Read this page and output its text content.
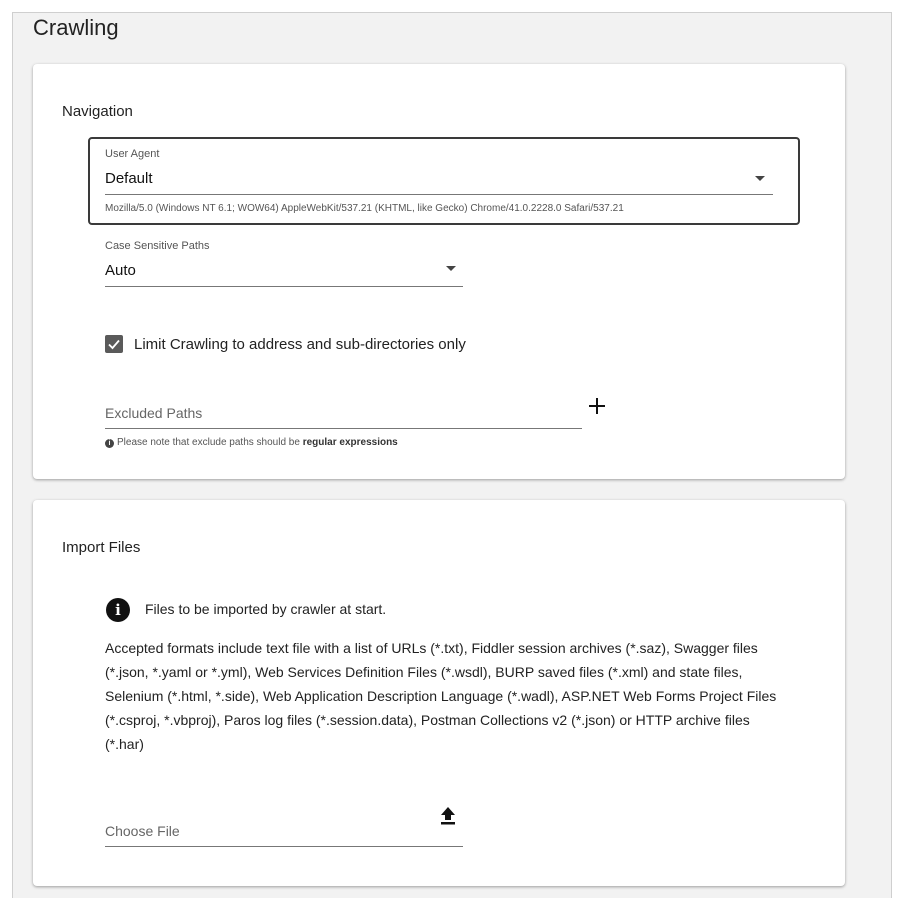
Crawling
Navigation
User Agent
Default
Mozilla/5.0 (Windows NT 6.1; WOW64) AppleWebKit/537.21 (KHTML, like Gecko) Chrome/41.0.2228.0 Safari/537.21
Case Sensitive Paths
Auto
Limit Crawling to address and sub-directories only
Excluded Paths
i Please note that exclude paths should be regular expressions
Import Files
i	Files to be imported by crawler at start.
Accepted formats include text file with a list of URLs (*.txt), Fiddler session archives (*.saz), Swagger files (*.json, *.yaml or *.yml), Web Services Definition Files (*.wsdl), BURP saved files (*.xml) and state files, Selenium (*.html, *.side), Web Application Description Language (*.wadl), ASP.NET Web Forms Project Files (*.csproj, *.vbproj), Paros log files (*.session.data), Postman Collections v2 (*.json) or HTTP archive files (*.har)
Choose File
